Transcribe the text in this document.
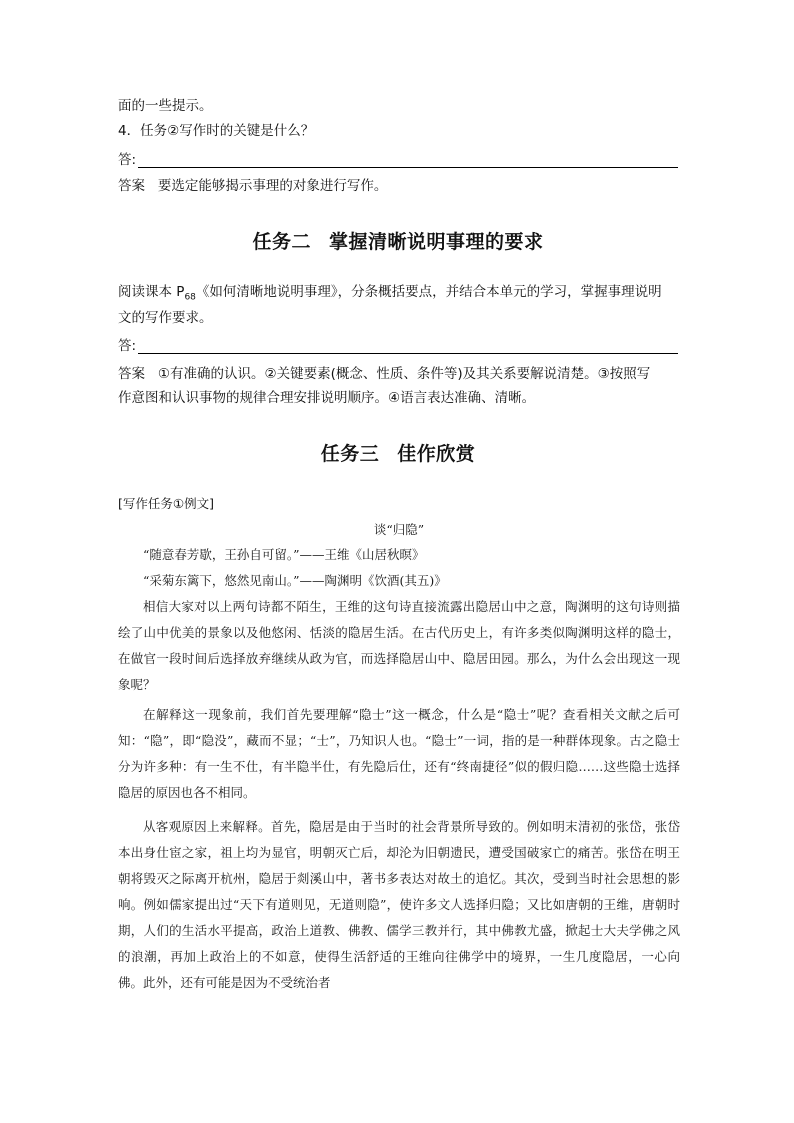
面的一些提示。
4．任务②写作时的关键是什么？
答:
答案 要选定能够揭示事理的对象进行写作。
任务二 掌握清晰说明事理的要求
阅读课本 $P_{68}$《如何清晰地说明事理》，分条概括要点，并结合本单元的学习，掌握事理说明
文的写作要求。
答:
答案 ①有准确的认识。②关键要素(概念、性质、条件等)及其关系要解说清楚。③按照写
作意图和认识事物的规律合理安排说明顺序。④语言表达准确、清晰。
任务三 佳作欣赏
[写作任务①例文]

谈“归隐”

“随意春芳歇，王孙自可留。”——王维《山居秋暝》

“采菊东篱下，悠然见南山。”——陶渊明《饮酒(其五)》

相信大家对以上两句诗都不陌生，王维的这句诗直接流露出隐居山中之意，陶渊明的这句诗则描绘了山中优美的景象以及他悠闲、恬淡的隐居生活。在古代历史上，有许多类似陶渊明这样的隐士，在做官一段时间后选择放弃继续从政为官，而选择隐居山中、隐居田园。那么，为什么会出现这一现象呢？

在解释这一现象前，我们首先要理解“隐士”这一概念，什么是“隐士”呢？查看相关文献之后可知：“隐”，即“隐没”，藏而不显；“士”，乃知识人也。“隐士”一词，指的是一种群体现象。古之隐士分为许多种：有一生不仕，有半隐半仕，有先隐后仕，还有“终南捷径”似的假归隐……这些隐士选择隐居的原因也各不相同。

从客观原因上来解释。首先，隐居是由于当时的社会背景所导致的。例如明末清初的张岱，张岱本出身仕宦之家，祖上均为显官，明朝灭亡后，却沦为旧朝遗民，遭受国破家亡的痛苦。张岱在明王朝将毁灭之际离开杭州，隐居于剡溪山中，著书多表达对故土的追忆。其次，受到当时社会思想的影响。例如儒家提出过“天下有道则见，无道则隐”，使许多文人选择归隐；又比如唐朝的王维，唐朝时期，人们的生活水平提高，政治上道教、佛教、儒学三教并行，其中佛教尤盛，掀起士大夫学佛之风的浪潮，再加上政治上的不如意，使得生活舒适的王维向往佛学中的境界，一生几度隐居，一心向佛。此外，还有可能是因为不受统治者
